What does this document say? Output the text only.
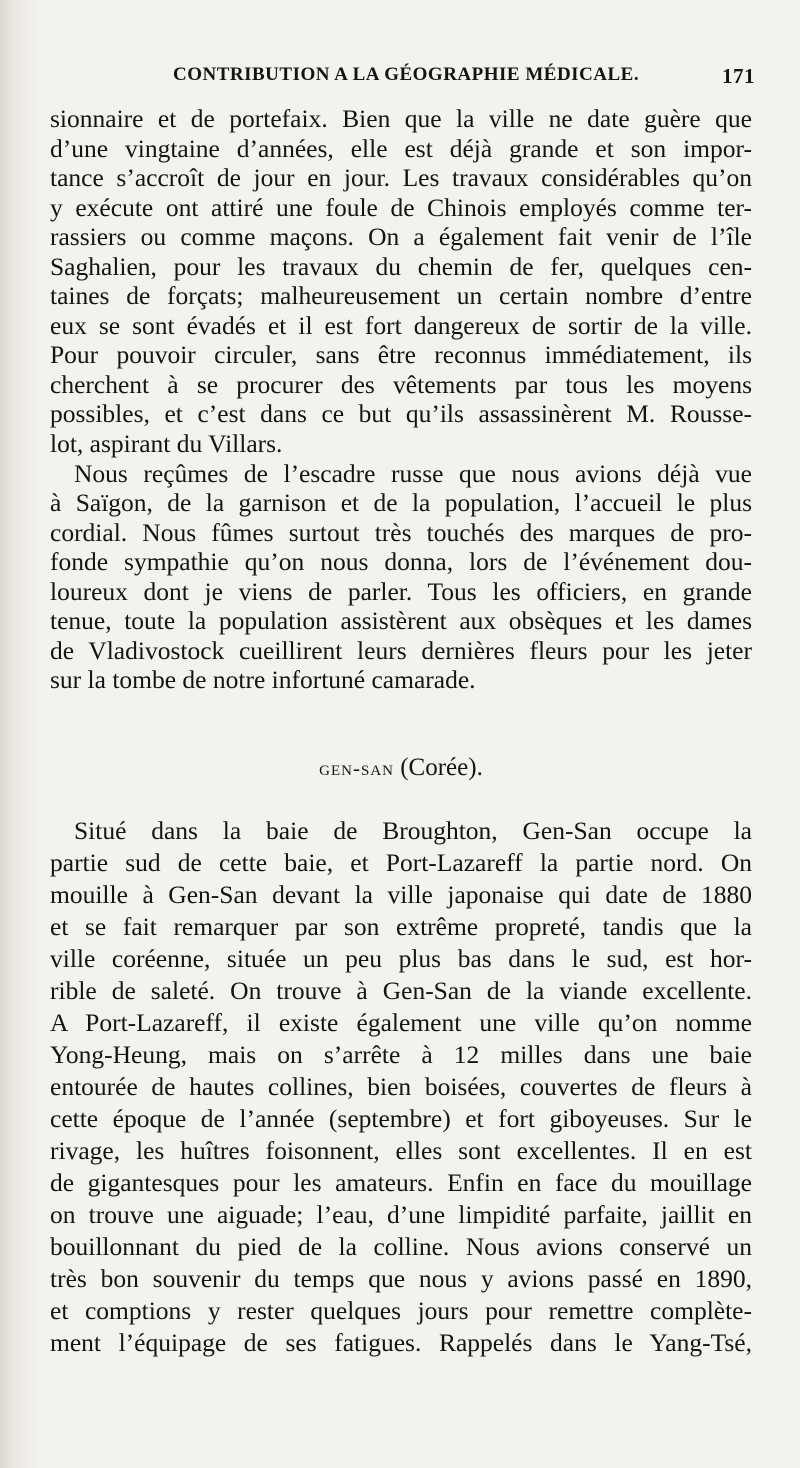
CONTRIBUTION A LA GÉOGRAPHIE MÉDICALE.	171
sionnaire et de portefaix. Bien que la ville ne date guère que
d’une vingtaine d’années, elle est déjà grande et son impor-
tance s’accroît de jour en jour. Les travaux considérables qu’on
y exécute ont attiré une foule de Chinois employés comme ter-
rassiers ou comme maçons. On a également fait venir de l’île
Saghalien, pour les travaux du chemin de fer, quelques cen-
taines de forçats; malheureusement un certain nombre d’entre
eux se sont évadés et il est fort dangereux de sortir de la ville.
Pour pouvoir circuler, sans être reconnus immédiatement, ils
cherchent à se procurer des vêtements par tous les moyens
possibles, et c’est dans ce but qu’ils assassinèrent M. Rousse-
lot, aspirant du Villars.
Nous reçûmes de l’escadre russe que nous avions déjà vue
à Saïgon, de la garnison et de la population, l’accueil le plus
cordial. Nous fûmes surtout très touchés des marques de pro-
fonde sympathie qu’on nous donna, lors de l’événement dou-
loureux dont je viens de parler. Tous les officiers, en grande
tenue, toute la population assistèrent aux obsèques et les dames
de Vladivostock cueillirent leurs dernières fleurs pour les jeter
sur la tombe de notre infortuné camarade.
gen-san (Corée).
Situé dans la baie de Broughton, Gen-San occupe la
partie sud de cette baie, et Port-Lazareff la partie nord. On
mouille à Gen-San devant la ville japonaise qui date de 1880
et se fait remarquer par son extrême propreté, tandis que la
ville coréenne, située un peu plus bas dans le sud, est hor-
rible de saleté. On trouve à Gen-San de la viande excellente.
A Port-Lazareff, il existe également une ville qu’on nomme
Yong-Heung, mais on s’arrête à 12 milles dans une baie
entourée de hautes collines, bien boisées, couvertes de fleurs à
cette époque de l’année (septembre) et fort giboyeuses. Sur le
rivage, les huîtres foisonnent, elles sont excellentes. Il en est
de gigantesques pour les amateurs. Enfin en face du mouillage
on trouve une aiguade; l’eau, d’une limpidité parfaite, jaillit en
bouillonnant du pied de la colline. Nous avions conservé un
très bon souvenir du temps que nous y avions passé en 1890,
et comptions y rester quelques jours pour remettre complète-
ment l’équipage de ses fatigues. Rappelés dans le Yang-Tsé,
